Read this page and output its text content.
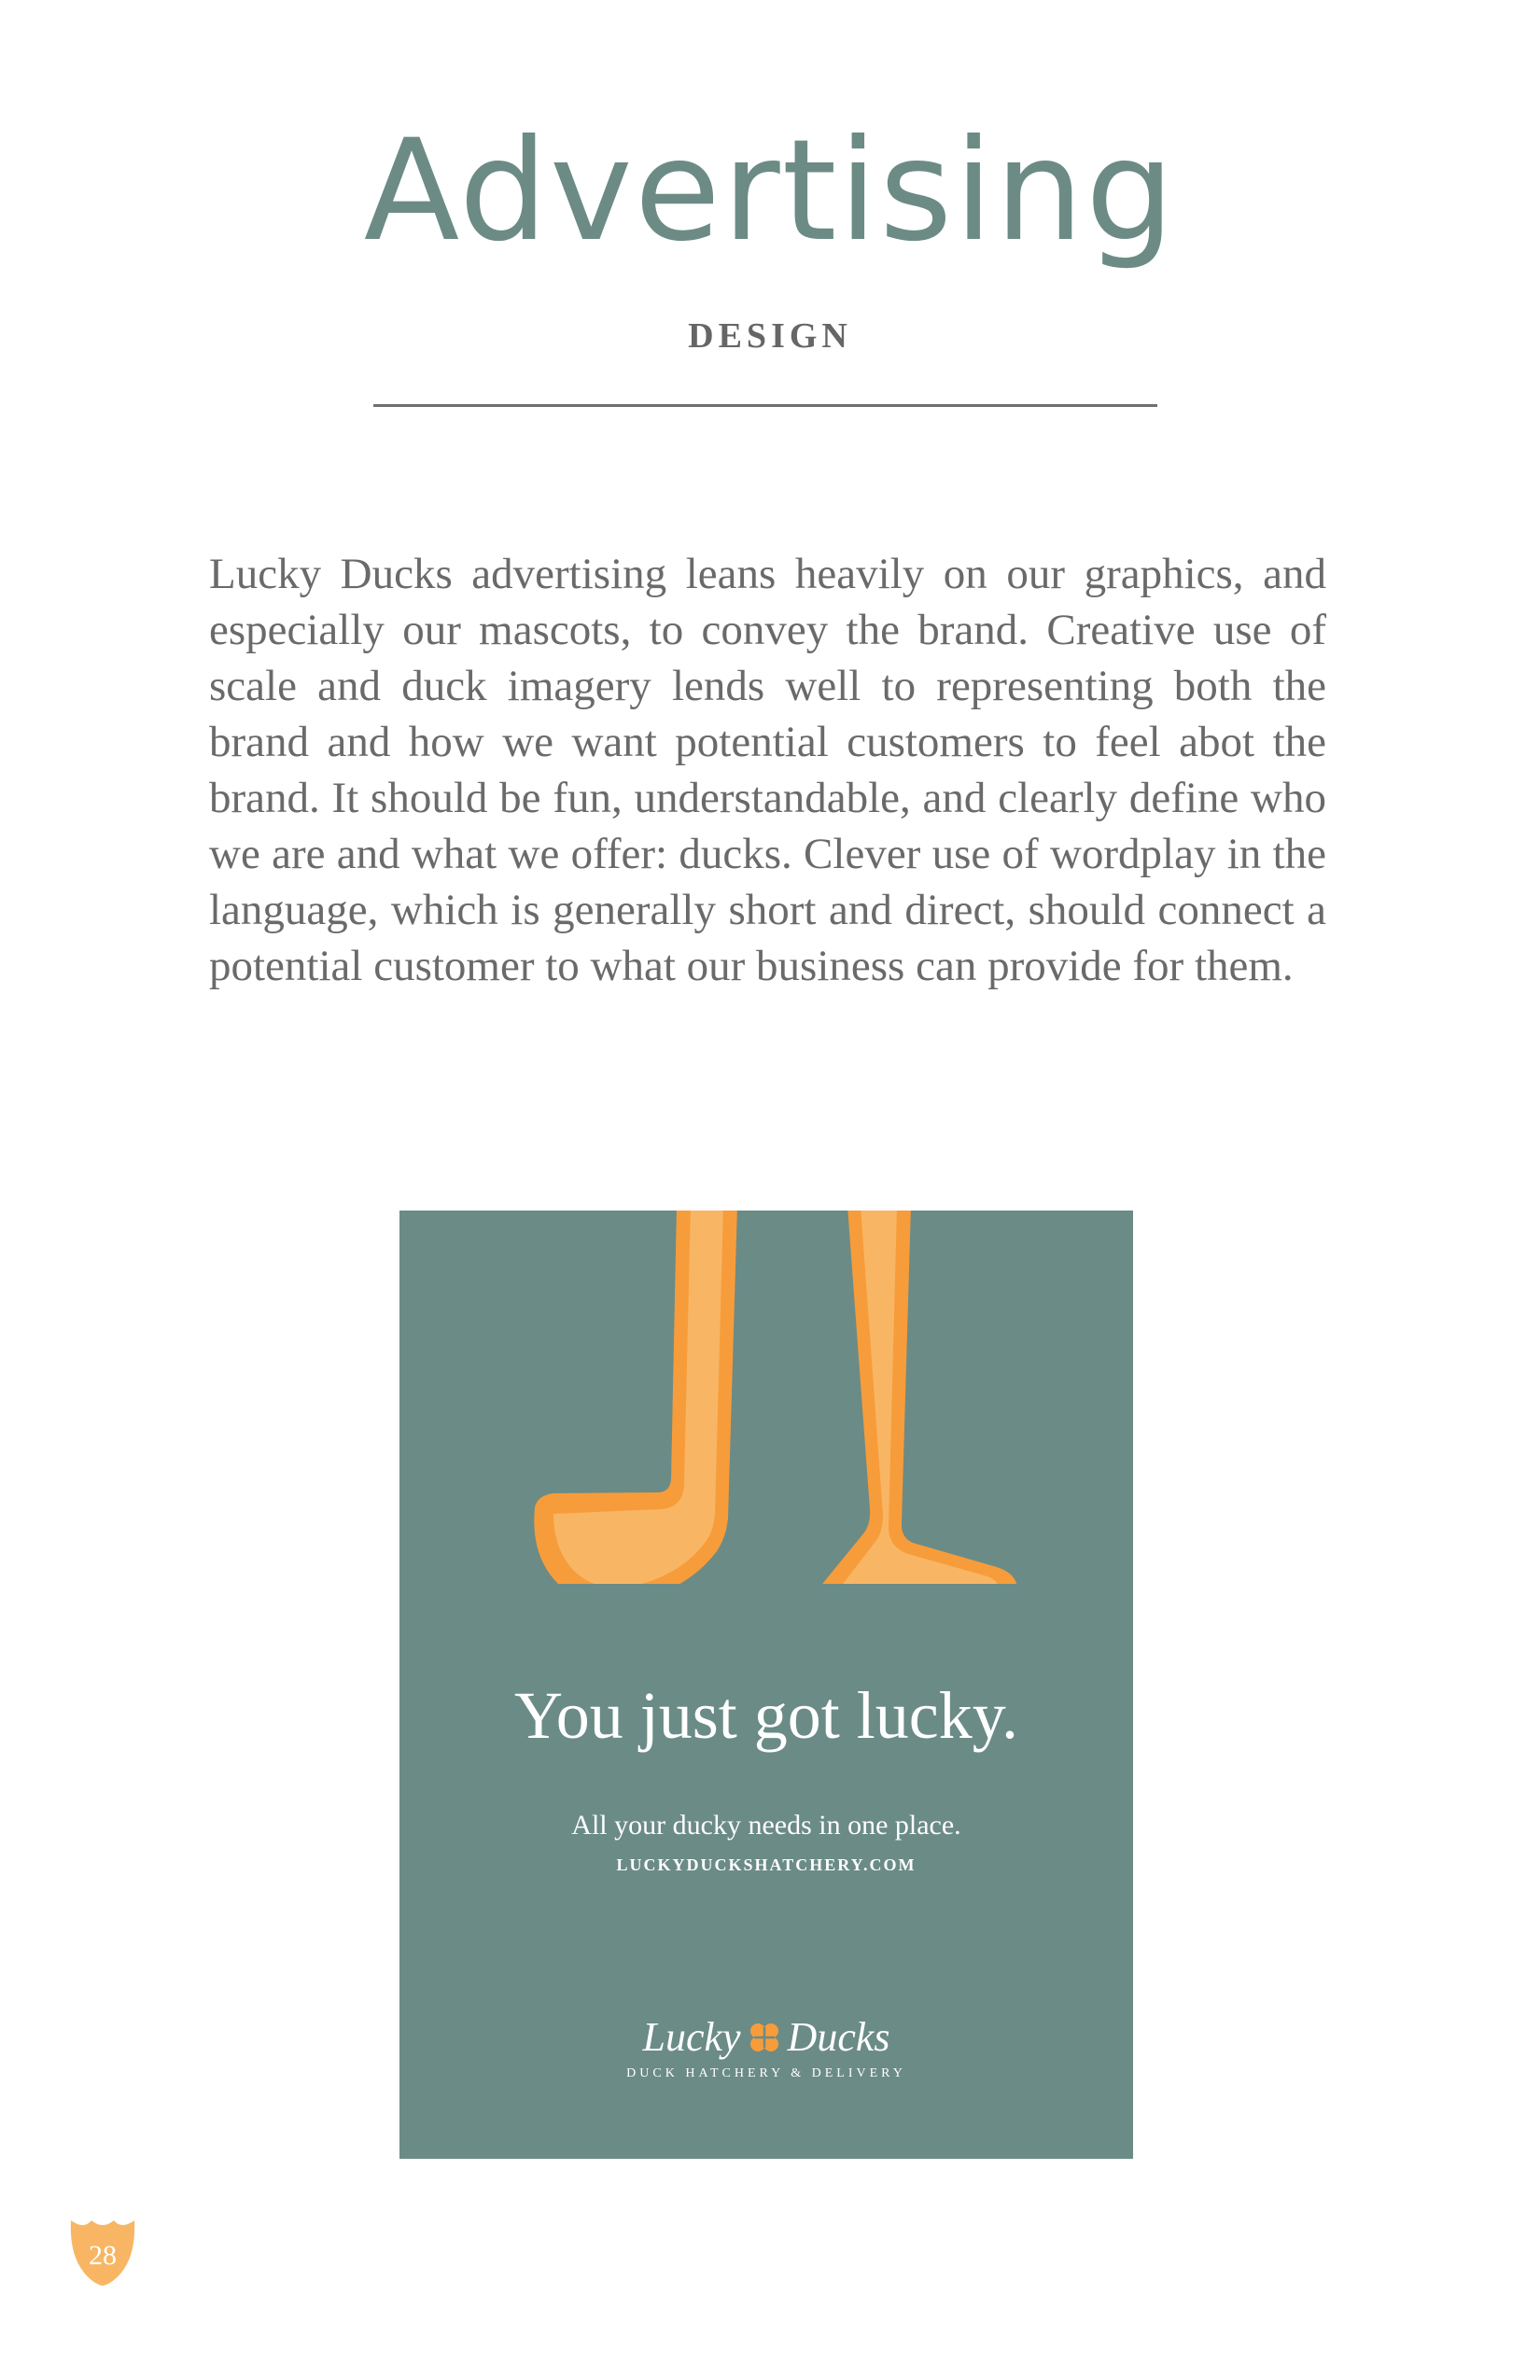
Advertising
DESIGN

Lucky Ducks advertising leans heavily on our graphics, and especially our mascots, to convey the brand. Creative use of scale and duck imagery lends well to representing both the brand and how we want potential customers to feel abot the brand. It should be fun, understandable, and clearly define who we are and what we offer: ducks. Clever use of wordplay in the language, which is generally short and direct, should connect a potential customer to what our business can provide for them.

You just got lucky.
All your ducky needs in one place.
LUCKYDUCKSHATCHERY.COM
Lucky Ducks
DUCK HATCHERY & DELIVERY
28
